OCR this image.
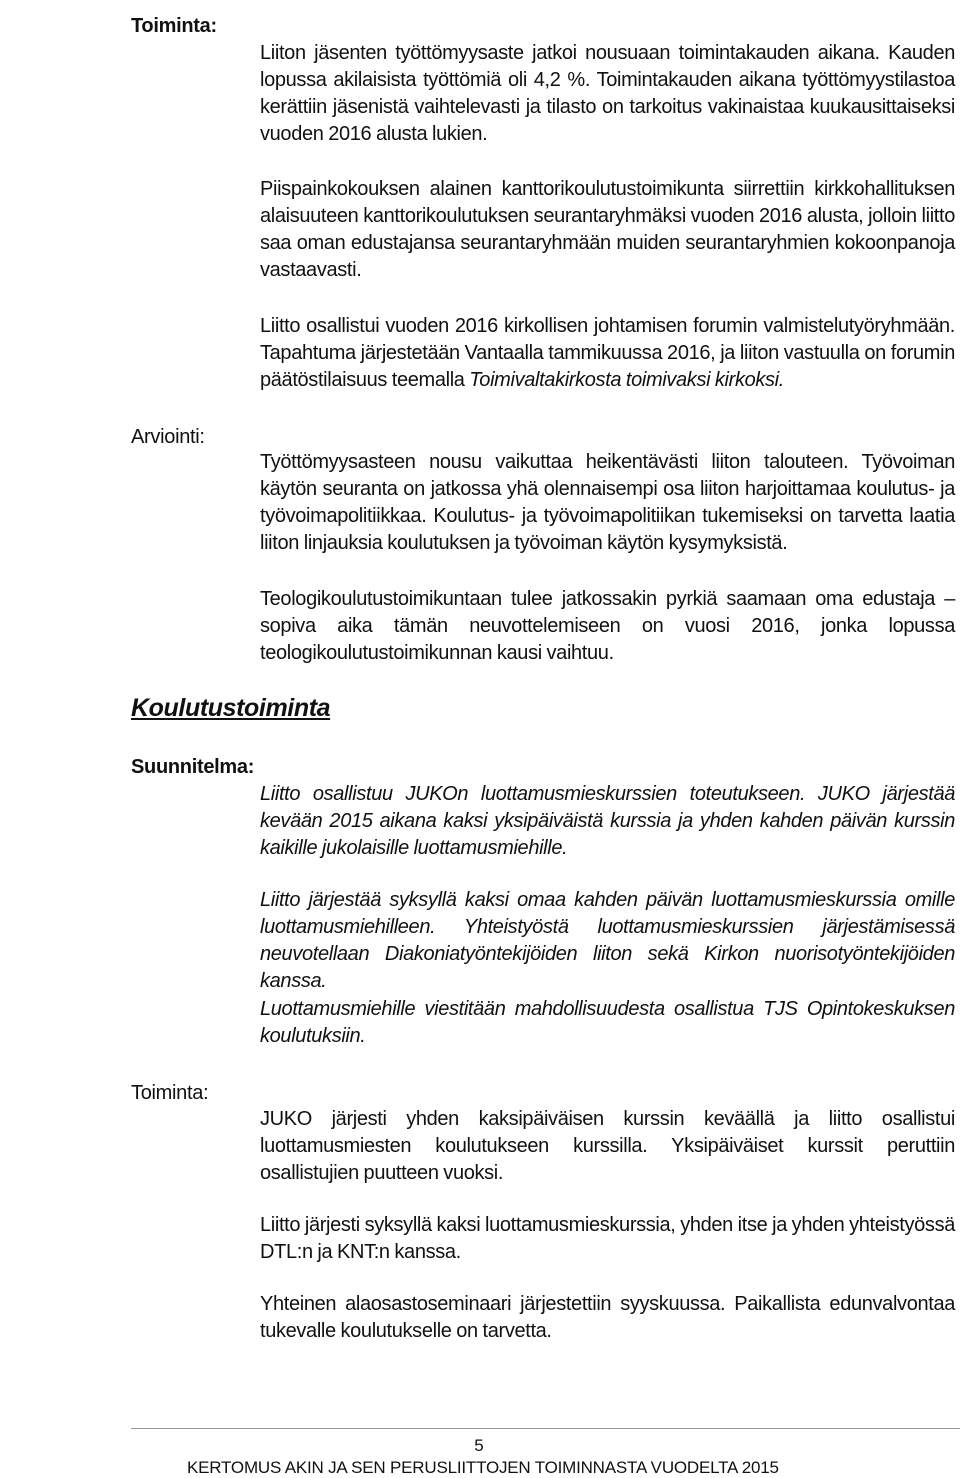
Toiminta:

Liiton jäsenten työttömyysaste jatkoi nousuaan toimintakauden aikana. Kauden lopussa akilaisista työttömiä oli 4,2 %. Toimintakauden aikana työttömyystilastoa kerättiin jäsenistä vaihtelevasti ja tilasto on tarkoitus vakinaistaa kuukausittaiseksi vuoden 2016 alusta lukien.

Piispainkokouksen alainen kanttorikoulutustoimikunta siirrettiin kirkkohallituksen alaisuuteen kanttorikoulutuksen seurantaryhmäksi vuoden 2016 alusta, jolloin liitto saa oman edustajansa seurantaryhmään muiden seurantaryhmien kokoonpanoja vastaavasti.

Liitto osallistui vuoden 2016 kirkollisen johtamisen forumin valmistelutyöryhmään. Tapahtuma järjestetään Vantaalla tammikuussa 2016, ja liiton vastuulla on forumin päätöstilaisuus teemalla Toimivaltakirkosta toimivaksi kirkoksi.

Arviointi:

Työttömyysasteen nousu vaikuttaa heikentävästi liiton talouteen. Työvoiman käytön seuranta on jatkossa yhä olennaisempi osa liiton harjoittamaa koulutus- ja työvoimapolitiikkaa. Koulutus- ja työvoimapolitiikan tukemiseksi on tarvetta laatia liiton linjauksia koulutuksen ja työvoiman käytön kysymyksistä.

Teologikoulutustoimikuntaan tulee jatkossakin pyrkiä saamaan oma edustaja – sopiva aika tämän neuvottelemiseen on vuosi 2016, jonka lopussa teologikoulutustoimikunnan kausi vaihtuu.

Koulutustoiminta
Suunnitelma:

Liitto osallistuu JUKOn luottamusmieskurssien toteutukseen. JUKO järjestää kevään 2015 aikana kaksi yksipäiväistä kurssia ja yhden kahden päivän kurssin kaikille jukolaisille luottamusmiehille.

Liitto järjestää syksyllä kaksi omaa kahden päivän luottamusmieskurssia omille luottamusmiehilleen. Yhteistyöstä luottamusmieskurssien järjestämisessä neuvotellaan Diakoniatyöntekijöiden liiton sekä Kirkon nuorisotyöntekijöiden kanssa.

Luottamusmiehille viestitään mahdollisuudesta osallistua TJS Opintokeskuksen koulutuksiin.

Toiminta:

JUKO järjesti yhden kaksipäiväisen kurssin keväällä ja liitto osallistui luottamusmiesten koulutukseen kurssilla. Yksipäiväiset kurssit peruttiin osallistujien puutteen vuoksi.

Liitto järjesti syksyllä kaksi luottamusmieskurssia, yhden itse ja yhden yhteistyössä DTL:n ja KNT:n kanssa.

Yhteinen alaosastoseminaari järjestettiin syyskuussa. Paikallista edunvalvontaa tukevalle koulutukselle on tarvetta.

5
KERTOMUS AKIN JA SEN PERUSLIITTOJEN TOIMINNASTA VUODELTA 2015
